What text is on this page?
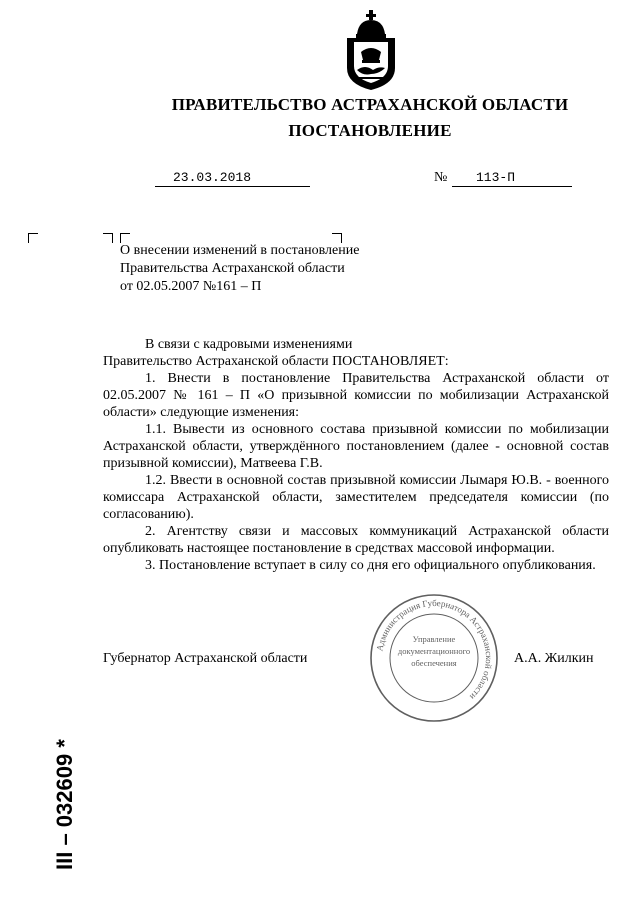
ПРАВИТЕЛЬСТВО АСТРАХАНСКОЙ ОБЛАСТИ
ПОСТАНОВЛЕНИЕ
23.03.2018	№	113-П
О внесении изменений в постановление
Правительства Астраханской области
от 02.05.2007 №161 – П

В связи с кадровыми изменениями

Правительство Астраханской области ПОСТАНОВЛЯЕТ:

1. Внести в постановление Правительства Астраханской области от 02.05.2007 № 161 – П «О призывной комиссии по мобилизации Астраханской области» следующие изменения:

1.1. Вывести из основного состава призывной комиссии по мобилизации Астраханской области, утверждённого постановлением (далее - основной состав призывной комиссии), Матвеева Г.В.

1.2. Ввести в основной состав призывной комиссии Лымаря Ю.В. - военного комиссара Астраханской области, заместителем председателя комиссии (по согласованию).

2. Агентству связи и массовых коммуникаций Астраханской области опубликовать настоящее постановление в средствах массовой информации.

3. Постановление вступает в силу со дня его официального опубликования.

Губернатор Астраханской области	А.А. Жилкин
Администрация Губернатора Астраханской области
Управление
документационного
обеспечения
III – 032609 *
